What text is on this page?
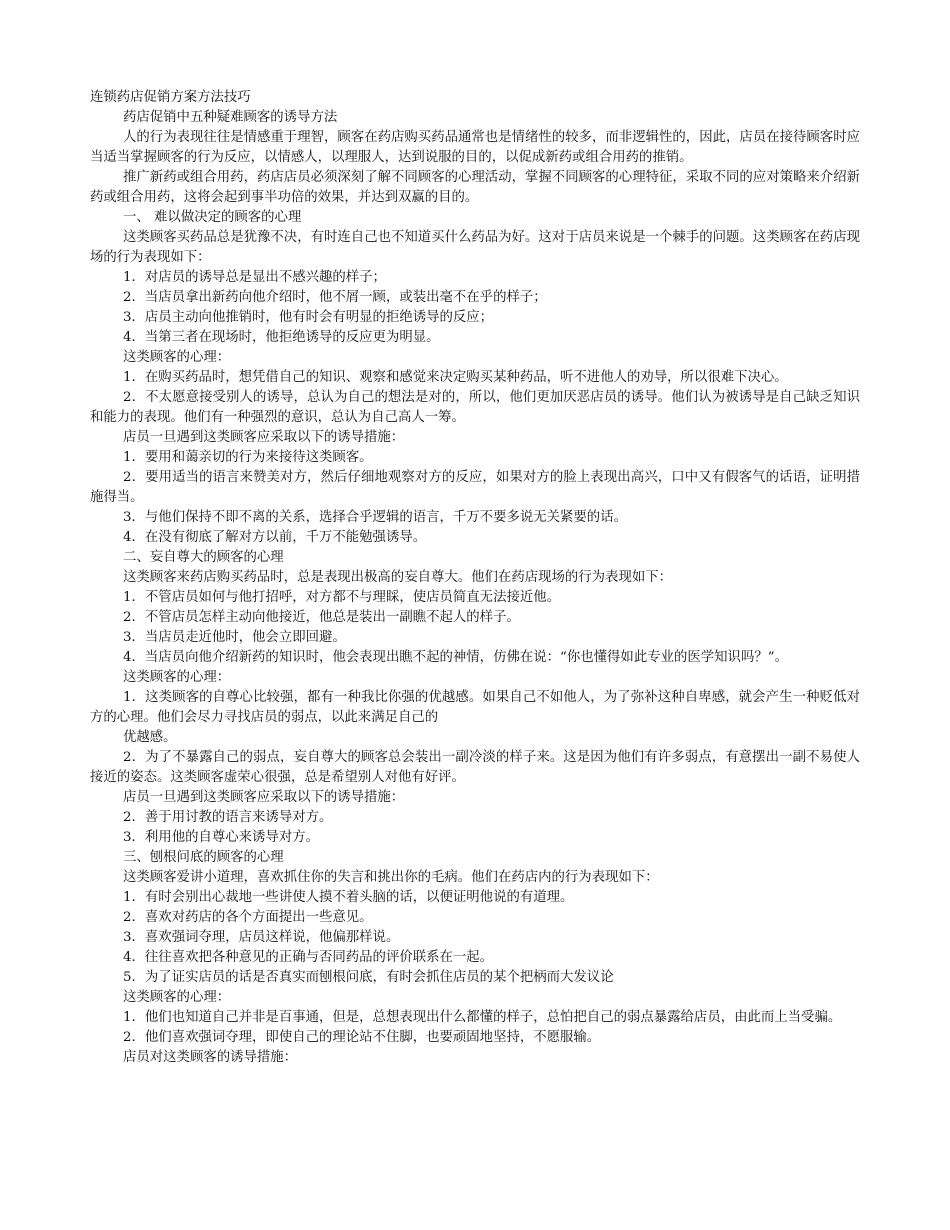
连锁药店促销方案方法技巧

药店促销中五种疑难顾客的诱导方法

人的行为表现往往是情感重于理智，顾客在药店购买药品通常也是情绪性的较多，而非逻辑性的，因此，店员在接待顾客时应当适当掌握顾客的行为反应，以情感人，以理服人，达到说服的目的，以促成新药或组合用药的推销。

推广新药或组合用药，药店店员必须深刻了解不同顾客的心理活动，掌握不同顾客的心理特征，采取不同的应对策略来介绍新药或组合用药，这将会起到事半功倍的效果，并达到双赢的目的。

一、 难以做决定的顾客的心理

这类顾客买药品总是犹豫不决，有时连自己也不知道买什么药品为好。这对于店员来说是一个棘手的问题。这类顾客在药店现场的行为表现如下：

1．对店员的诱导总是显出不感兴趣的样子；

2．当店员拿出新药向他介绍时，他不屑一顾，或装出毫不在乎的样子；

3．店员主动向他推销时，他有时会有明显的拒绝诱导的反应；

4．当第三者在现场时，他拒绝诱导的反应更为明显。

这类顾客的心理：

1．在购买药品时，想凭借自己的知识、观察和感觉来决定购买某种药品，听不进他人的劝导，所以很难下决心。

2．不太愿意接受别人的诱导，总认为自己的想法是对的，所以，他们更加厌恶店员的诱导。他们认为被诱导是自己缺乏知识和能力的表现。他们有一种强烈的意识，总认为自己高人一筹。

店员一旦遇到这类顾客应采取以下的诱导措施：

1．要用和蔼亲切的行为来接待这类顾客。

2．要用适当的语言来赞美对方，然后仔细地观察对方的反应，如果对方的脸上表现出高兴，口中又有假客气的话语，证明措施得当。

3．与他们保持不即不离的关系，选择合乎逻辑的语言，千万不要多说无关紧要的话。

4．在没有彻底了解对方以前，千万不能勉强诱导。

二、妄自尊大的顾客的心理

这类顾客来药店购买药品时，总是表现出极高的妄自尊大。他们在药店现场的行为表现如下：

1．不管店员如何与他打招呼，对方都不与理睬，使店员简直无法接近他。

2．不管店员怎样主动向他接近，他总是装出一副瞧不起人的样子。

3．当店员走近他时，他会立即回避。

4．当店员向他介绍新药的知识时，他会表现出瞧不起的神情，仿佛在说：“你也懂得如此专业的医学知识吗？”。

这类顾客的心理：

1．这类顾客的自尊心比较强，都有一种我比你强的优越感。如果自己不如他人，为了弥补这种自卑感，就会产生一种贬低对方的心理。他们会尽力寻找店员的弱点，以此来满足自己的

优越感。

2．为了不暴露自己的弱点，妄自尊大的顾客总会装出一副冷淡的样子来。这是因为他们有许多弱点，有意摆出一副不易使人接近的姿态。这类顾客虚荣心很强，总是希望别人对他有好评。

店员一旦遇到这类顾客应采取以下的诱导措施：

2．善于用讨教的语言来诱导对方。

3．利用他的自尊心来诱导对方。

三、刨根问底的顾客的心理

这类顾客爱讲小道理，喜欢抓住你的失言和挑出你的毛病。他们在药店内的行为表现如下：

1．有时会别出心裁地一些讲使人摸不着头脑的话，以便证明他说的有道理。

2．喜欢对药店的各个方面提出一些意见。

3．喜欢强词夺理，店员这样说，他偏那样说。

4．往往喜欢把各种意见的正确与否同药品的评价联系在一起。

5．为了证实店员的话是否真实而刨根问底，有时会抓住店员的某个把柄而大发议论

这类顾客的心理：

1．他们也知道自己并非是百事通，但是，总想表现出什么都懂的样子，总怕把自己的弱点暴露给店员，由此而上当受骗。

2．他们喜欢强词夺理，即使自己的理论站不住脚，也要顽固地坚持，不愿服输。

店员对这类顾客的诱导措施：
